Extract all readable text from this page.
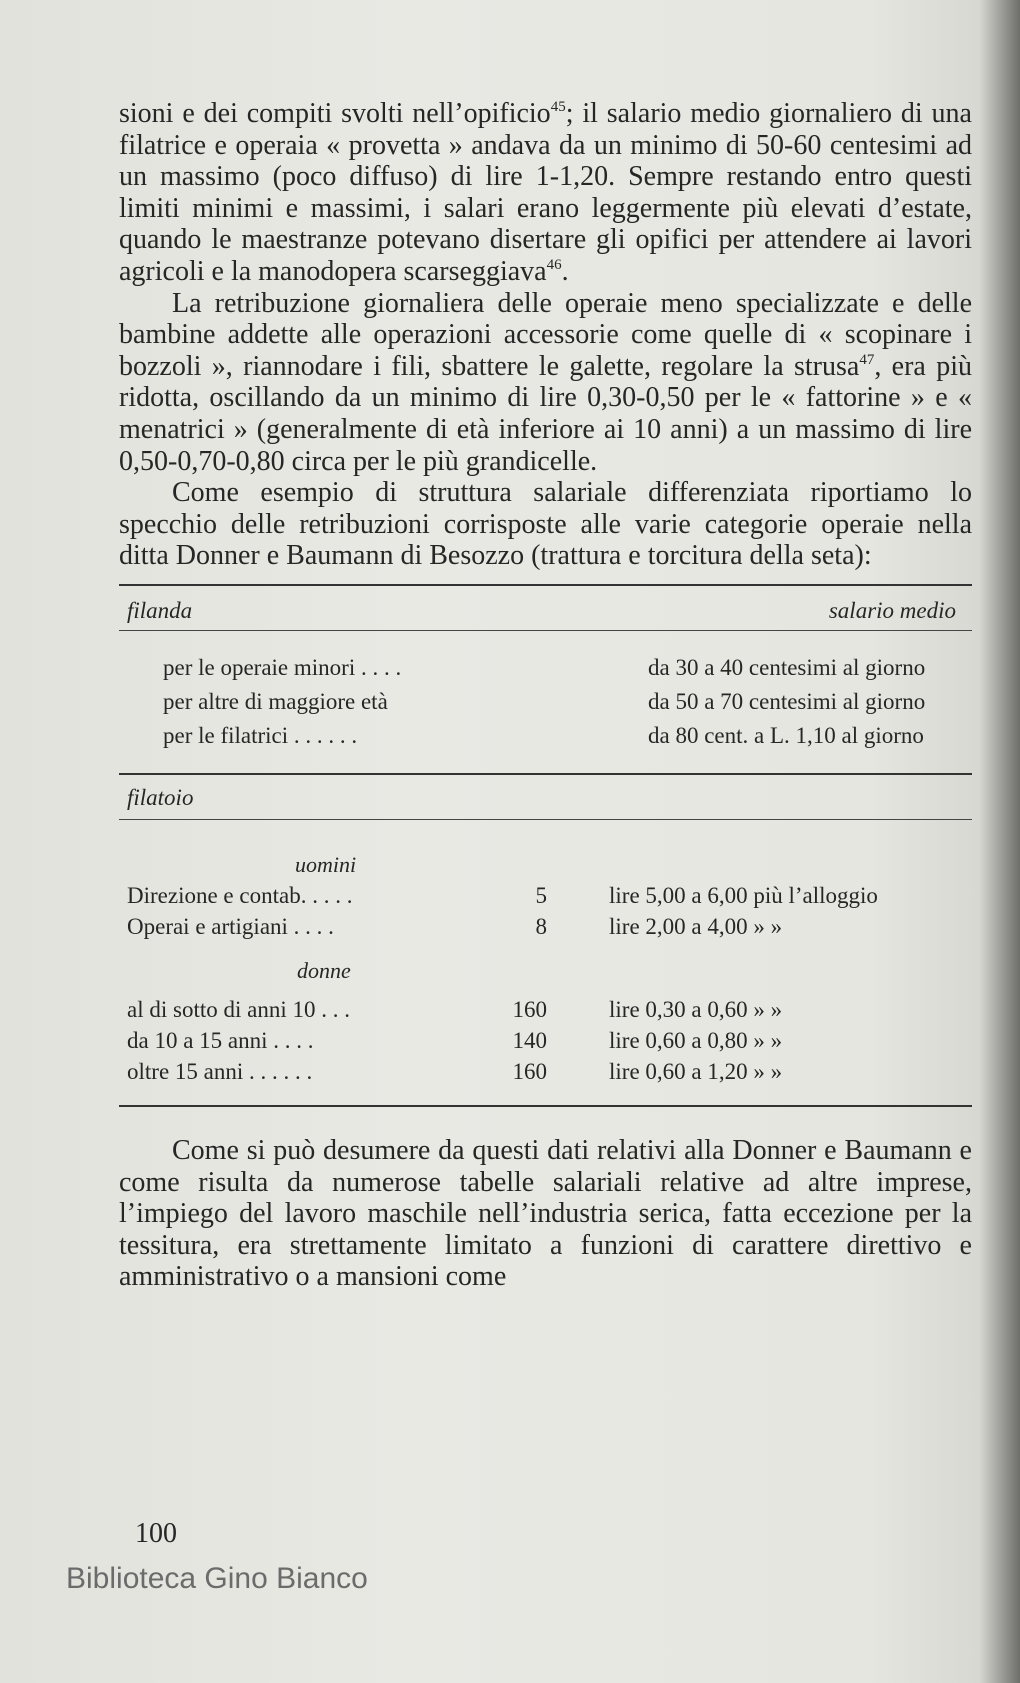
sioni e dei compiti svolti nell’opificio$^{45}$; il salario medio giornaliero di una filatrice e operaia « provetta » andava da un minimo di 50-60 centesimi ad un massimo (poco diffuso) di lire 1-1,20. Sempre restando entro questi limiti minimi e massimi, i salari erano leggermente più elevati d’estate, quando le maestranze potevano disertare gli opifici per attendere ai lavori agricoli e la manodopera scarseggiava$^{46}$.

La retribuzione giornaliera delle operaie meno specializzate e delle bambine addette alle operazioni accessorie come quelle di « scopinare i bozzoli », riannodare i fili, sbattere le galette, regolare la strusa$^{47}$, era più ridotta, oscillando da un minimo di lire 0,30-0,50 per le « fattorine » e « menatrici » (generalmente di età inferiore ai 10 anni) a un massimo di lire 0,50-0,70-0,80 circa per le più grandicelle.

Come esempio di struttura salariale differenziata riportiamo lo specchio delle retribuzioni corrisposte alle varie categorie operaie nella ditta Donner e Baumann di Besozzo (trattura e torcitura della seta):

filanda	salario medio
per le operaie minori . . . .	da 30 a 40 centesimi al giorno
per altre di maggiore età	da 50 a 70 centesimi al giorno
per le filatrici . . . . . .	da 80 cent. a L. 1,10 al giorno
filatoio
uomini
Direzione e contab. . . . .	5	lire 5,00 a 6,00 più l’alloggio
Operai e artigiani . . . .	8	lire 2,00 a 4,00 » »
donne
al di sotto di anni 10 . . .	160	lire 0,30 a 0,60 » »
da 10 a 15 anni . . . .	140	lire 0,60 a 0,80 » »
oltre 15 anni . . . . . .	160	lire 0,60 a 1,20 » »

Come si può desumere da questi dati relativi alla Donner e Baumann e come risulta da numerose tabelle salariali relative ad altre imprese, l’impiego del lavoro maschile nell’industria serica, fatta eccezione per la tessitura, era strettamente limitato a funzioni di carattere direttivo e amministrativo o a mansioni come

100
Biblioteca Gino Bianco
